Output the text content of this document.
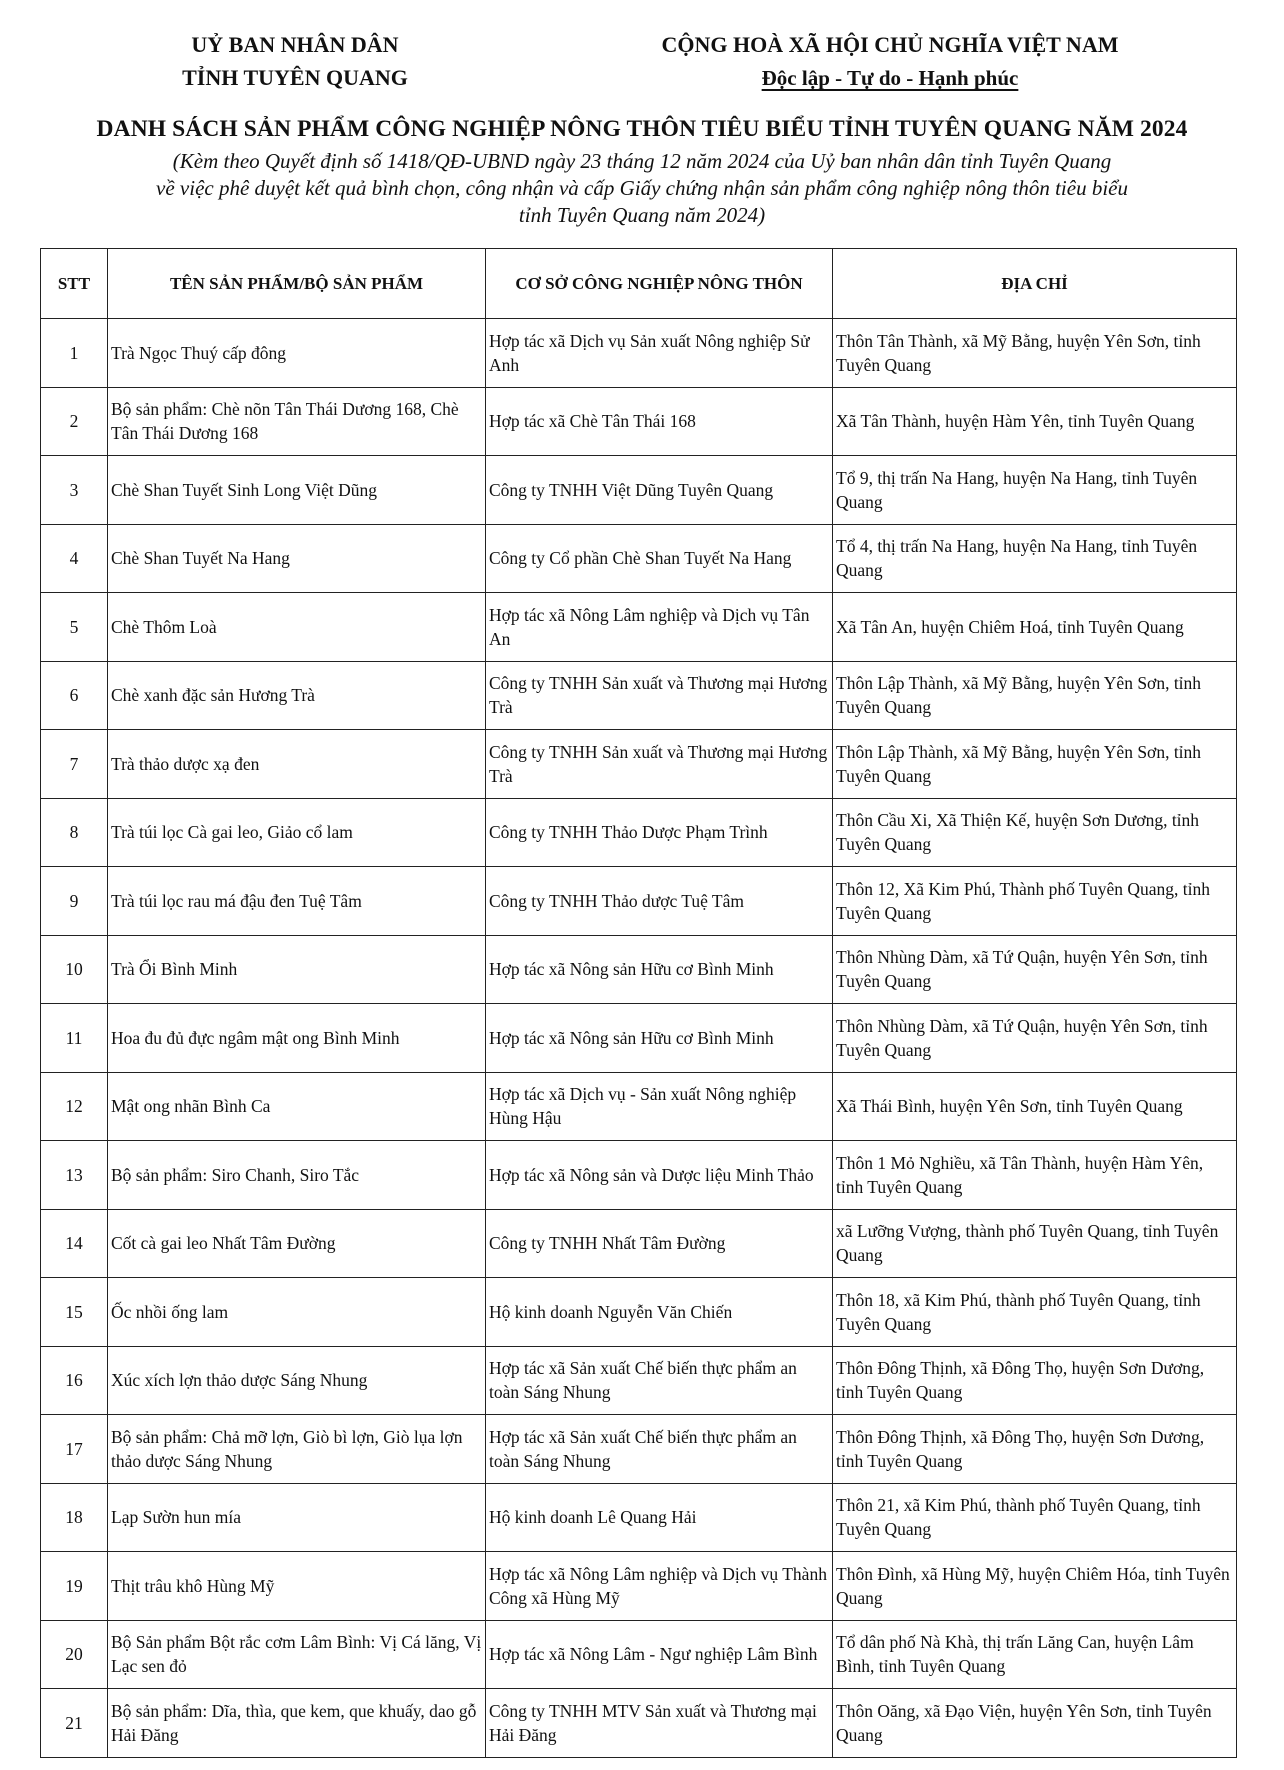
UỶ BAN NHÂN DÂN
TỈNH TUYÊN QUANG
CỘNG HOÀ XÃ HỘI CHỦ NGHĨA VIỆT NAM
Độc lập - Tự do - Hạnh phúc
DANH SÁCH SẢN PHẨM CÔNG NGHIỆP NÔNG THÔN TIÊU BIỂU TỈNH TUYÊN QUANG NĂM 2024
(Kèm theo Quyết định số 1418/QĐ-UBND ngày 23 tháng 12 năm 2024 của Uỷ ban nhân dân tỉnh Tuyên Quang
về việc phê duyệt kết quả bình chọn, công nhận và cấp Giấy chứng nhận sản phẩm công nghiệp nông thôn tiêu biểu
tỉnh Tuyên Quang năm 2024)
STT	TÊN SẢN PHẨM/BỘ SẢN PHẨM	CƠ SỞ CÔNG NGHIỆP NÔNG THÔN	ĐỊA CHỈ
1	Trà Ngọc Thuý cấp đông	Hợp tác xã Dịch vụ Sản xuất Nông nghiệp Sử Anh	Thôn Tân Thành, xã Mỹ Bằng, huyện Yên Sơn, tỉnh Tuyên Quang
2	Bộ sản phẩm: Chè nõn Tân Thái Dương 168, Chè Tân Thái Dương 168	Hợp tác xã Chè Tân Thái 168	Xã Tân Thành, huyện Hàm Yên, tỉnh Tuyên Quang
3	Chè Shan Tuyết Sinh Long Việt Dũng	Công ty TNHH Việt Dũng Tuyên Quang	Tổ 9, thị trấn Na Hang, huyện Na Hang, tỉnh Tuyên Quang
4	Chè Shan Tuyết Na Hang	Công ty Cổ phần Chè Shan Tuyết Na Hang	Tổ 4, thị trấn Na Hang, huyện Na Hang, tỉnh Tuyên Quang
5	Chè Thôm Loà	Hợp tác xã Nông Lâm nghiệp và Dịch vụ Tân An	Xã Tân An, huyện Chiêm Hoá, tỉnh Tuyên Quang
6	Chè xanh đặc sản Hương Trà	Công ty TNHH Sản xuất và Thương mại Hương Trà	Thôn Lập Thành, xã Mỹ Bằng, huyện Yên Sơn, tỉnh Tuyên Quang
7	Trà thảo dược xạ đen	Công ty TNHH Sản xuất và Thương mại Hương Trà	Thôn Lập Thành, xã Mỹ Bằng, huyện Yên Sơn, tỉnh Tuyên Quang
8	Trà túi lọc Cà gai leo, Giảo cổ lam	Công ty TNHH Thảo Dược Phạm Trình	Thôn Cầu Xi, Xã Thiện Kế, huyện Sơn Dương, tỉnh Tuyên Quang
9	Trà túi lọc rau má đậu đen Tuệ Tâm	Công ty TNHH Thảo dược Tuệ Tâm	Thôn 12, Xã Kim Phú, Thành phố Tuyên Quang, tỉnh Tuyên Quang
10	Trà Ổi Bình Minh	Hợp tác xã Nông sản Hữu cơ Bình Minh	Thôn Nhùng Dàm, xã Tứ Quận, huyện Yên Sơn, tỉnh Tuyên Quang
11	Hoa đu đủ đực ngâm mật ong Bình Minh	Hợp tác xã Nông sản Hữu cơ Bình Minh	Thôn Nhùng Dàm, xã Tứ Quận, huyện Yên Sơn, tỉnh Tuyên Quang
12	Mật ong nhãn Bình Ca	Hợp tác xã Dịch vụ - Sản xuất Nông nghiệp Hùng Hậu	Xã Thái Bình, huyện Yên Sơn, tỉnh Tuyên Quang
13	Bộ sản phẩm: Siro Chanh, Siro Tắc	Hợp tác xã Nông sản và Dược liệu Minh Thảo	Thôn 1 Mỏ Nghiều, xã Tân Thành, huyện Hàm Yên, tỉnh Tuyên Quang
14	Cốt cà gai leo Nhất Tâm Đường	Công ty TNHH Nhất Tâm Đường	xã Lưỡng Vượng, thành phố Tuyên Quang, tỉnh Tuyên Quang
15	Ốc nhồi ống lam	Hộ kinh doanh Nguyễn Văn Chiến	Thôn 18, xã Kim Phú, thành phố Tuyên Quang, tỉnh Tuyên Quang
16	Xúc xích lợn thảo dược Sáng Nhung	Hợp tác xã Sản xuất Chế biến thực phẩm an toàn Sáng Nhung	Thôn Đông Thịnh, xã Đông Thọ, huyện Sơn Dương, tỉnh Tuyên Quang
17	Bộ sản phẩm: Chả mỡ lợn, Giò bì lợn, Giò lụa lợn thảo dược Sáng Nhung	Hợp tác xã Sản xuất Chế biến thực phẩm an toàn Sáng Nhung	Thôn Đông Thịnh, xã Đông Thọ, huyện Sơn Dương, tỉnh Tuyên Quang
18	Lạp Sườn hun mía	Hộ kinh doanh Lê Quang Hải	Thôn 21, xã Kim Phú, thành phố Tuyên Quang, tỉnh Tuyên Quang
19	Thịt trâu khô Hùng Mỹ	Hợp tác xã Nông Lâm nghiệp và Dịch vụ Thành Công xã Hùng Mỹ	Thôn Đình, xã Hùng Mỹ, huyện Chiêm Hóa, tỉnh Tuyên Quang
20	Bộ Sản phẩm Bột rắc cơm Lâm Bình: Vị Cá lăng, Vị Lạc sen đỏ	Hợp tác xã Nông Lâm - Ngư nghiệp Lâm Bình	Tổ dân phố Nà Khà, thị trấn Lăng Can, huyện Lâm Bình, tỉnh Tuyên Quang
21	Bộ sản phẩm: Dĩa, thìa, que kem, que khuấy, dao gỗ Hải Đăng	Công ty TNHH MTV Sản xuất và Thương mại Hải Đăng	Thôn Oăng, xã Đạo Viện, huyện Yên Sơn, tỉnh Tuyên Quang
